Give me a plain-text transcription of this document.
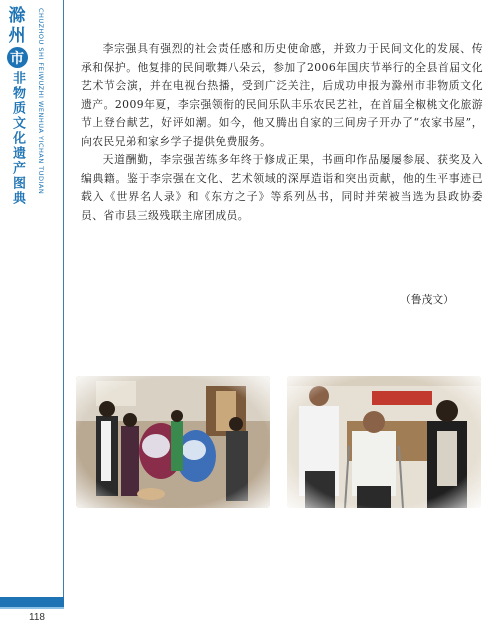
滁
州
市
非物质文化遗产图典 CHUZHOU SHI FEIWUZHI WENHUA YICHAN TUDIAN
118

李宗强具有强烈的社会责任感和历史使命感，并致力于民间文化的发展、传承和保护。他复排的民间歌舞八朵云，参加了2006年国庆节举行的全县首届文化艺术节会演，并在电视台热播，受到广泛关注，后成功申报为滁州市非物质文化遗产。2009年夏，李宗强领衔的民间乐队丰乐农民艺社，在首届全椒桃文化旅游节上登台献艺，好评如潮。如今，他又腾出自家的三间房子开办了“农家书屋”，向农民兄弟和家乡学子提供免费服务。

天道酬勤，李宗强苦练多年终于修成正果，书画印作品屡屡参展、获奖及入编典籍。鉴于李宗强在文化、艺术领域的深厚造诣和突出贡献，他的生平事迹已载入《世界名人录》和《东方之子》等系列丛书，同时并荣被当选为县政协委员、省市县三级残联主席团成员。

（鲁茂文）
